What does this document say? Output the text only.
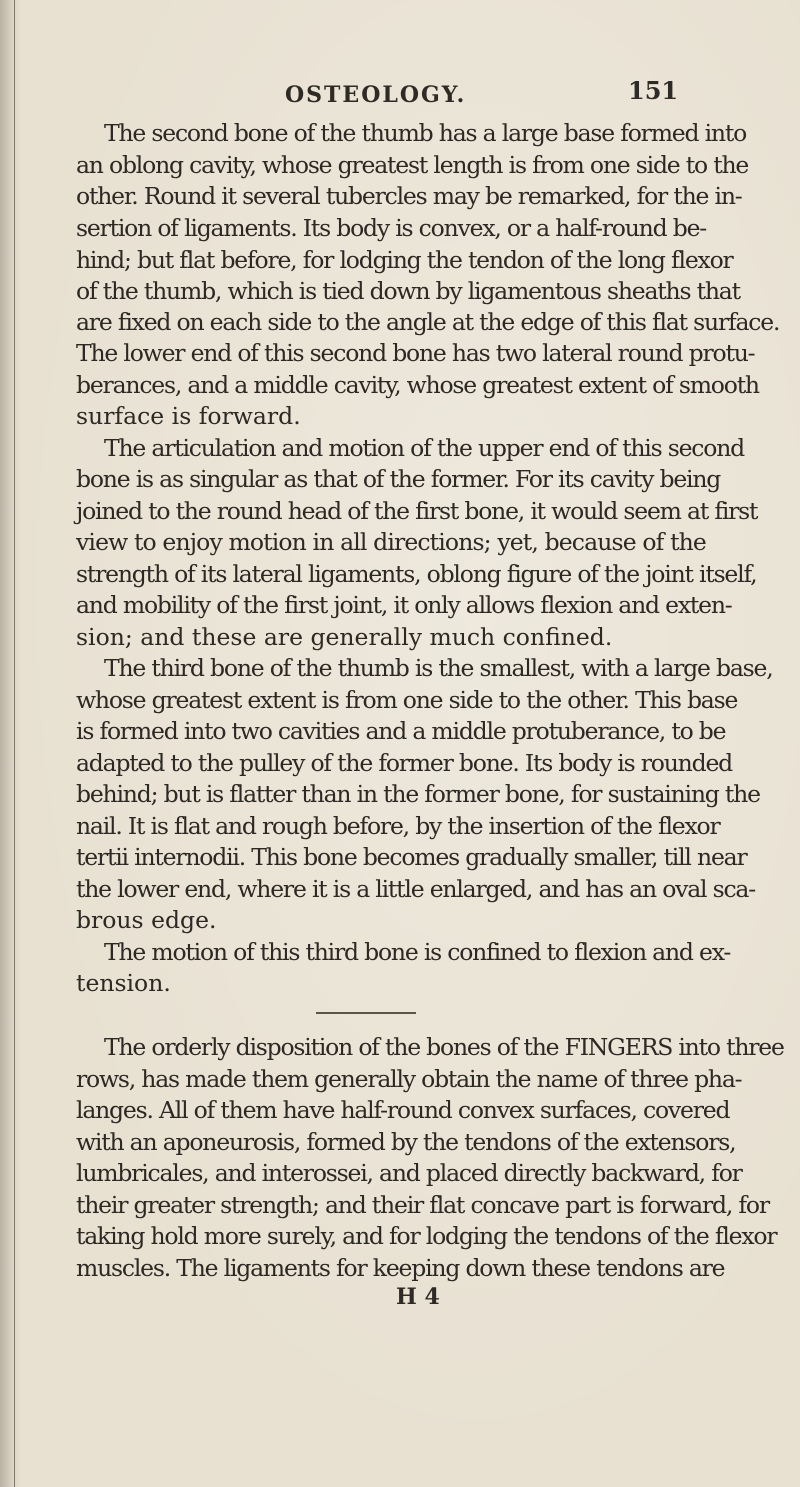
OSTEOLOGY.	151
The second bone of the thumb has a large base formed into
an oblong cavity, whose greatest length is from one side to the
other. Round it several tubercles may be remarked, for the in-
sertion of ligaments. Its body is convex, or a half-round be-
hind; but flat before, for lodging the tendon of the long flexor
of the thumb, which is tied down by ligamentous sheaths that
are fixed on each side to the angle at the edge of this flat surface.
The lower end of this second bone has two lateral round protu-
berances, and a middle cavity, whose greatest extent of smooth
surface is forward.
The articulation and motion of the upper end of this second
bone is as singular as that of the former. For its cavity being
joined to the round head of the first bone, it would seem at first
view to enjoy motion in all directions; yet, because of the
strength of its lateral ligaments, oblong figure of the joint itself,
and mobility of the first joint, it only allows flexion and exten-
sion; and these are generally much confined.
The third bone of the thumb is the smallest, with a large base,
whose greatest extent is from one side to the other. This base
is formed into two cavities and a middle protuberance, to be
adapted to the pulley of the former bone. Its body is rounded
behind; but is flatter than in the former bone, for sustaining the
nail. It is flat and rough before, by the insertion of the flexor
tertii internodii. This bone becomes gradually smaller, till near
the lower end, where it is a little enlarged, and has an oval sca-
brous edge.
The motion of this third bone is confined to flexion and ex-
tension.
The orderly disposition of the bones of the FINGERS into three
rows, has made them generally obtain the name of three pha-
langes. All of them have half-round convex surfaces, covered
with an aponeurosis, formed by the tendons of the extensors,
lumbricales, and interossei, and placed directly backward, for
their greater strength; and their flat concave part is forward, for
taking hold more surely, and for lodging the tendons of the flexor
muscles. The ligaments for keeping down these tendons are
H 4
